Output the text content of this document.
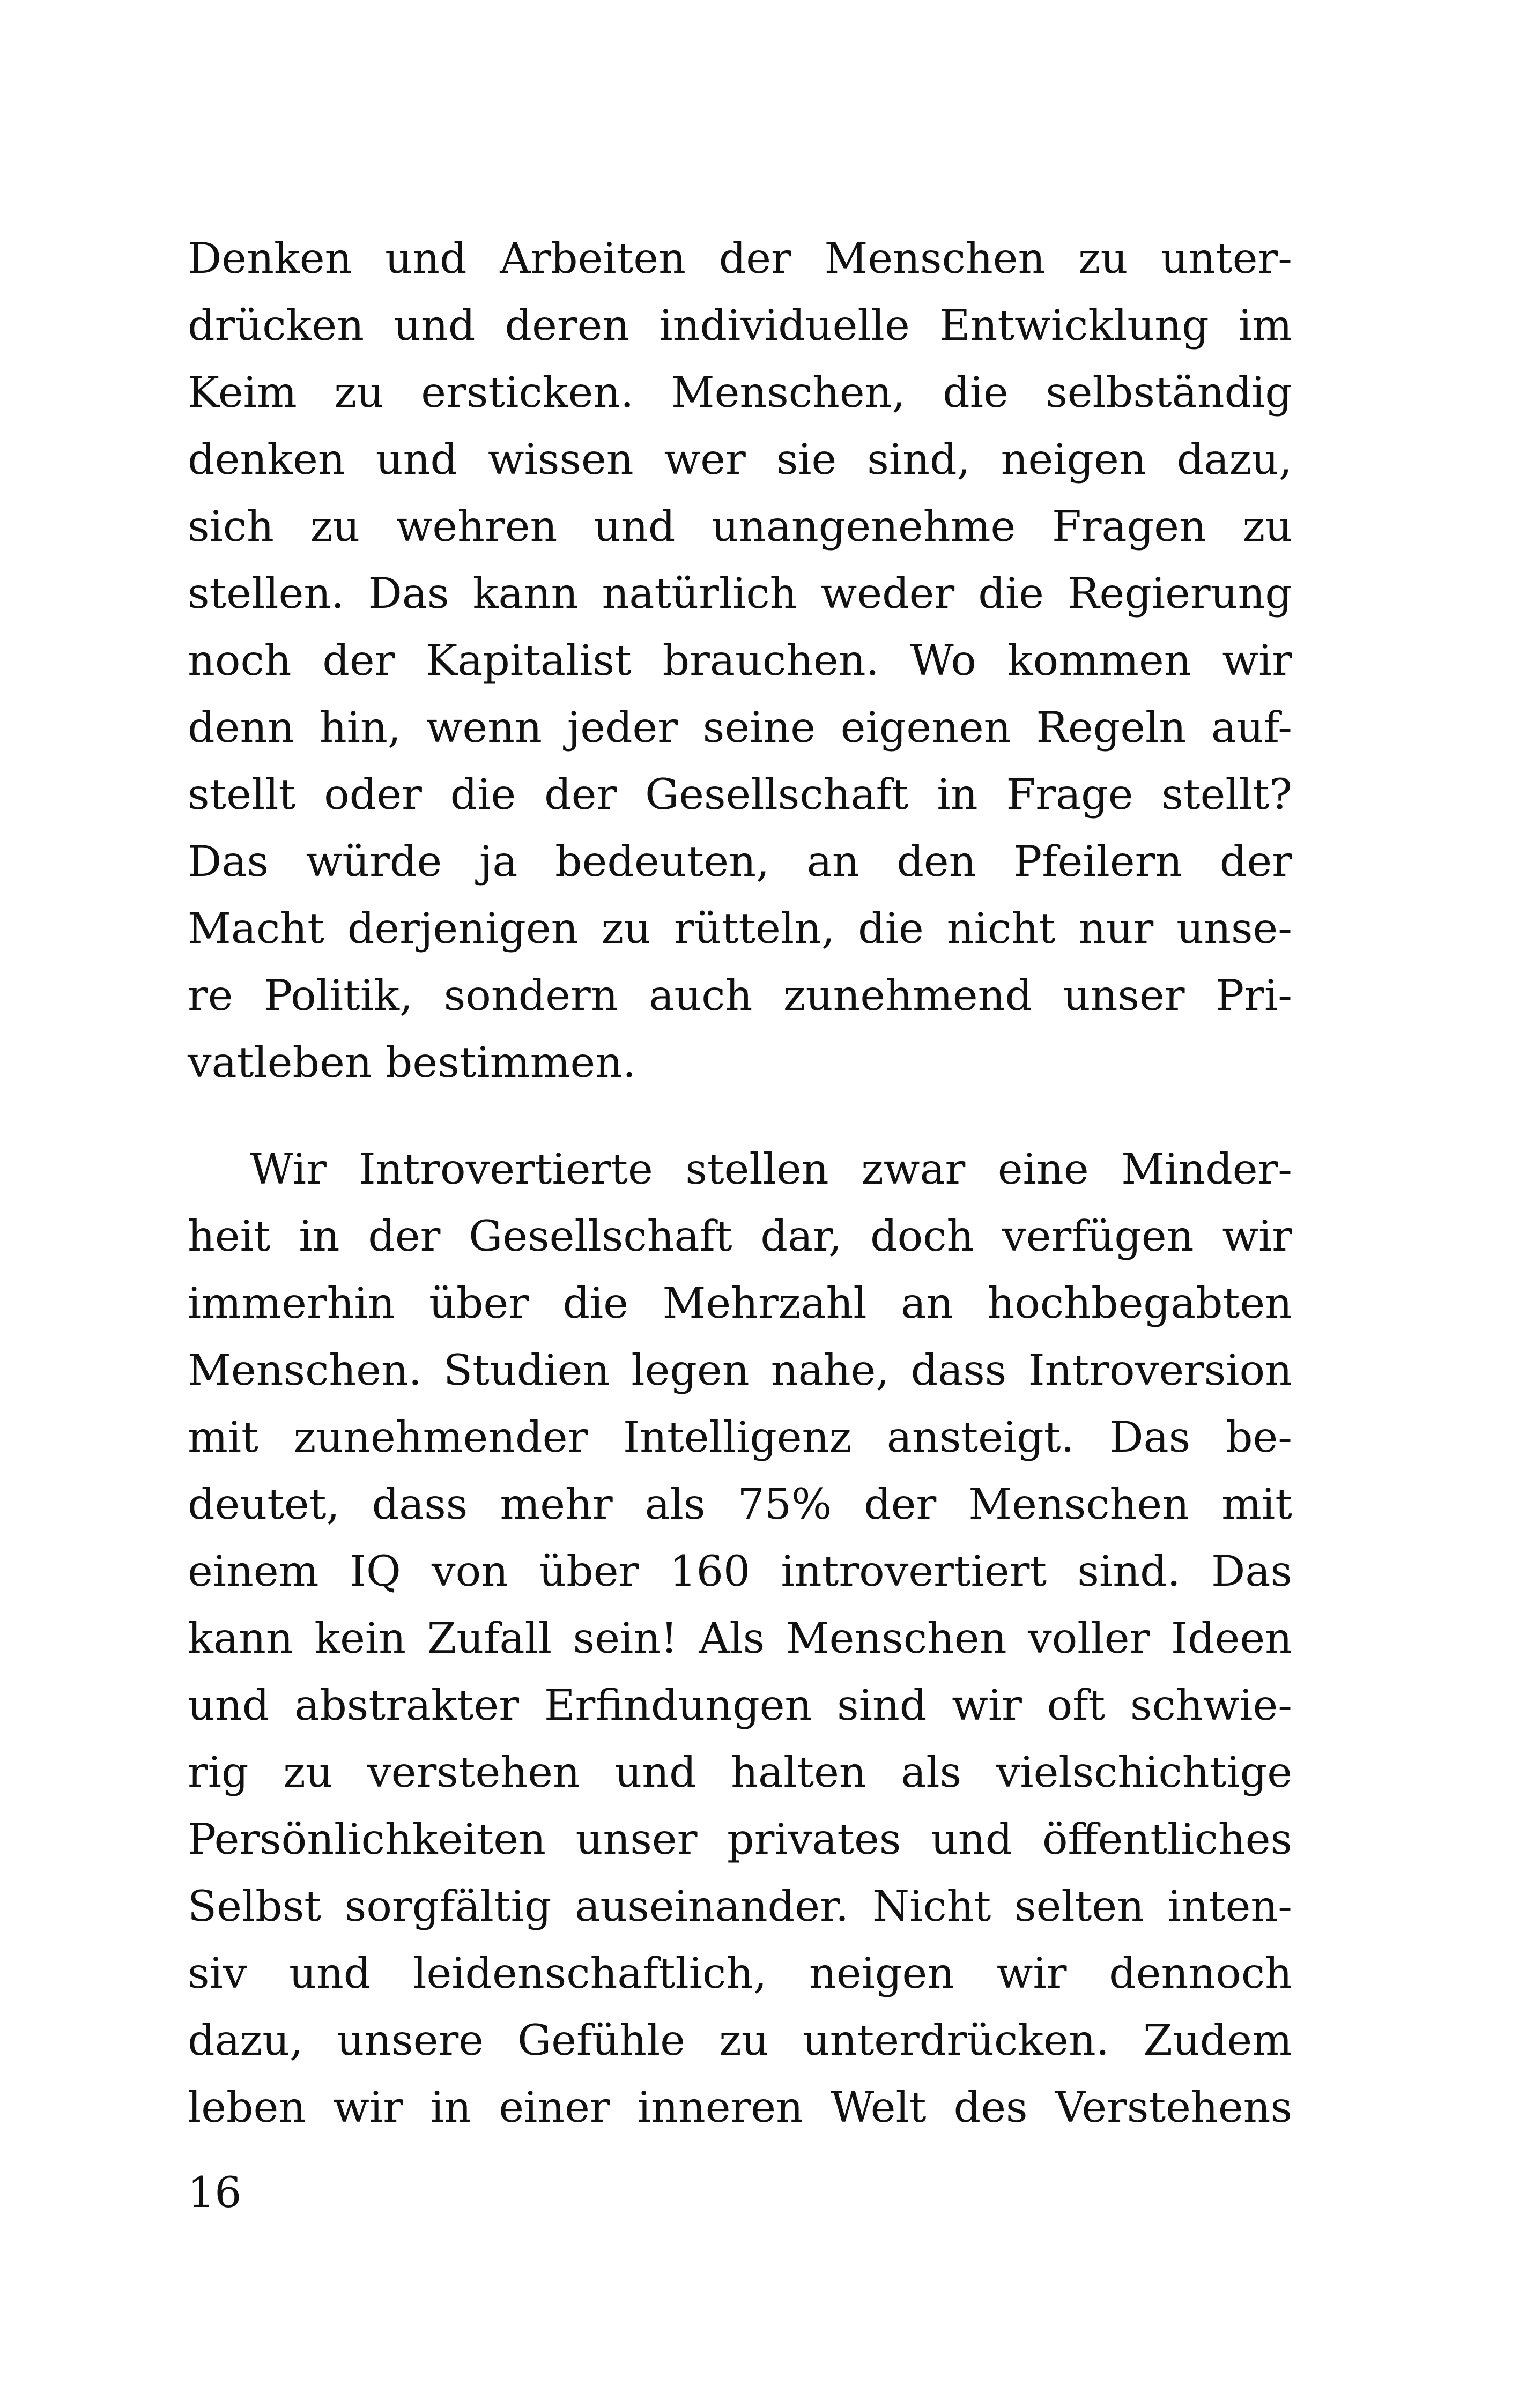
Denken und Arbeiten der Menschen zu unter-
drücken und deren individuelle Entwicklung im
Keim zu ersticken. Menschen, die selbständig
denken und wissen wer sie sind, neigen dazu,
sich zu wehren und unangenehme Fragen zu
stellen. Das kann natürlich weder die Regierung
noch der Kapitalist brauchen. Wo kommen wir
denn hin, wenn jeder seine eigenen Regeln auf-
stellt oder die der Gesellschaft in Frage stellt?
Das würde ja bedeuten, an den Pfeilern der
Macht derjenigen zu rütteln, die nicht nur unse-
re Politik, sondern auch zunehmend unser Pri-
vatleben bestimmen.
Wir Introvertierte stellen zwar eine Minder-
heit in der Gesellschaft dar, doch verfügen wir
immerhin über die Mehrzahl an hochbegabten
Menschen. Studien legen nahe, dass Introversion
mit zunehmender Intelligenz ansteigt. Das be-
deutet, dass mehr als 75% der Menschen mit
einem IQ von über 160 introvertiert sind. Das
kann kein Zufall sein! Als Menschen voller Ideen
und abstrakter Erfindungen sind wir oft schwie-
rig zu verstehen und halten als vielschichtige
Persönlichkeiten unser privates und öffentliches
Selbst sorgfältig auseinander. Nicht selten inten-
siv und leidenschaftlich, neigen wir dennoch
dazu, unsere Gefühle zu unterdrücken. Zudem
leben wir in einer inneren Welt des Verstehens
16
